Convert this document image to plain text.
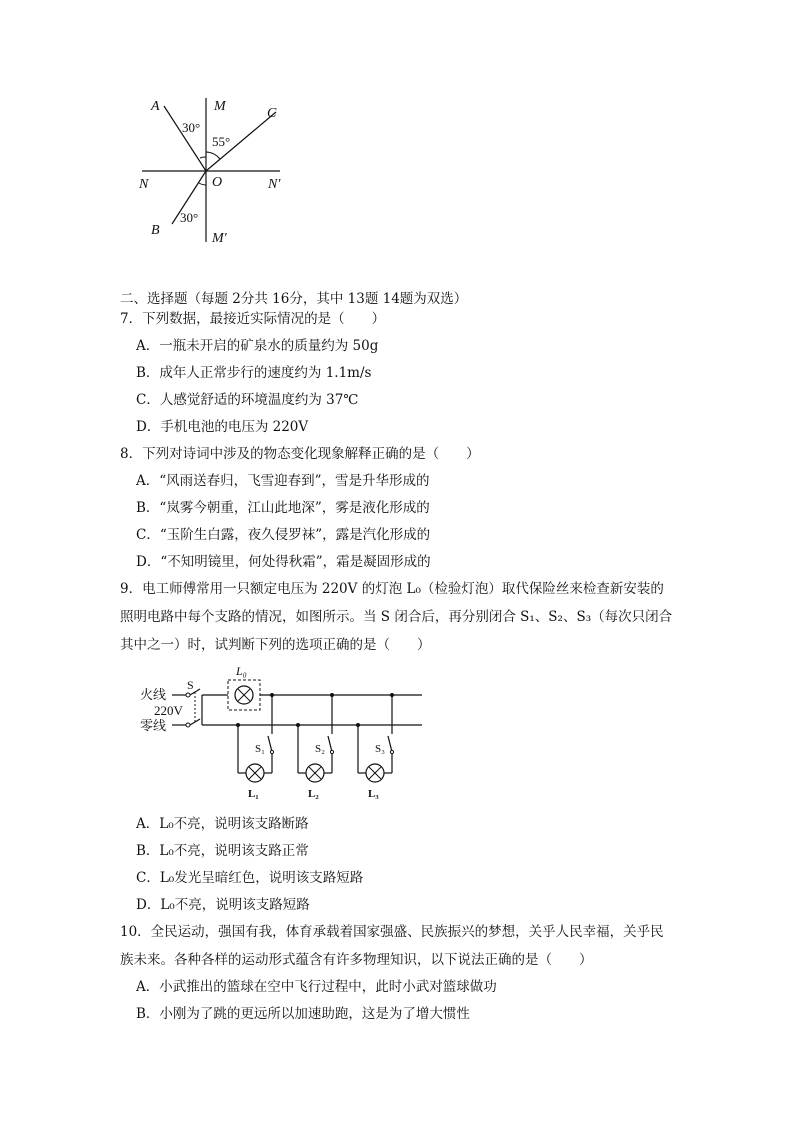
A	M	C
N	O	N′
B
M′
30°
55°
30°
二、选择题（每题 2分共 16分，其中 13题 14题为双选）
7．下列数据，最接近实际情况的是（　　）
A．一瓶未开启的矿泉水的质量约为 50g
B．成年人正常步行的速度约为 1.1m/s
C．人感觉舒适的环境温度约为 37℃
D．手机电池的电压为 220V
8．下列对诗词中涉及的物态变化现象解释正确的是（　　）
A．“风雨送春归，飞雪迎春到”，雪是升华形成的
B．“岚雾今朝重，江山此地深”，雾是液化形成的
C．“玉阶生白露，夜久侵罗袜”，露是汽化形成的
D．“不知明镜里，何处得秋霜”，霜是凝固形成的
9．电工师傅常用一只额定电压为 220V 的灯泡 L₀（检验灯泡）取代保险丝来检查新安装的
照明电路中每个支路的情况，如图所示。当 S 闭合后，再分别闭合 S₁、S₂、S₃（每次只闭合
其中之一）时，试判断下列的选项正确的是（　　）
火线
220V
零线
S
L₀
S₁
L₁
S₂
L₂
S₃
L₃
A．L₀不亮，说明该支路断路
B．L₀不亮，说明该支路正常
C．L₀发光呈暗红色，说明该支路短路
D．L₀不亮，说明该支路短路
10．全民运动，强国有我，体育承载着国家强盛、民族振兴的梦想，关乎人民幸福，关乎民
族未来。各种各样的运动形式蕴含有许多物理知识，以下说法正确的是（　　）
A．小武推出的篮球在空中飞行过程中，此时小武对篮球做功
B．小刚为了跳的更远所以加速助跑，这是为了增大惯性
